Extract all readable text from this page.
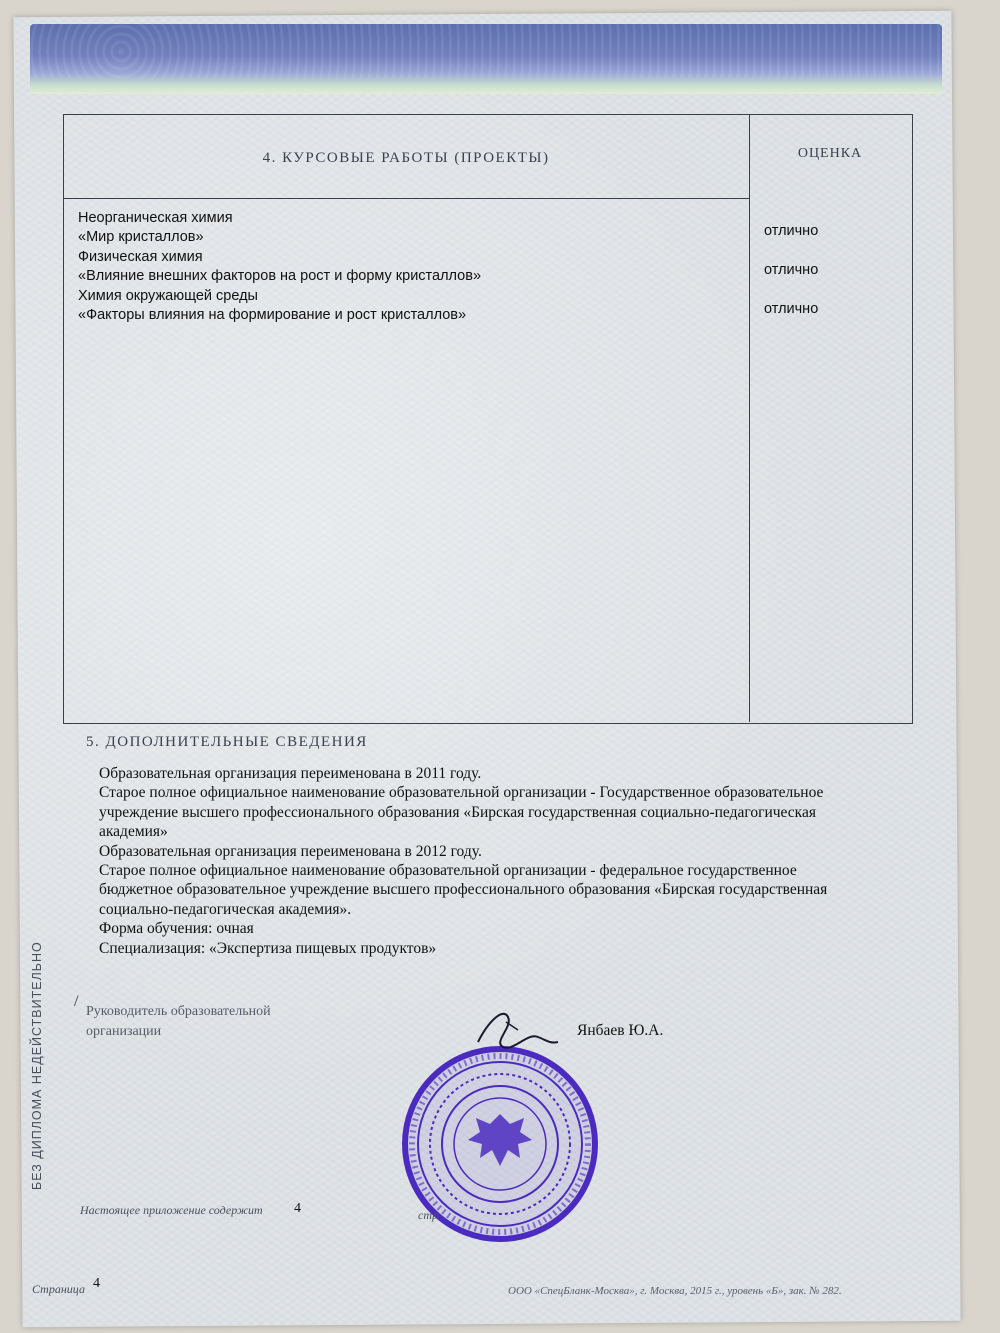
4. КУРСОВЫЕ РАБОТЫ (ПРОЕКТЫ)	ОЦЕНКА
Неорганическая химия
«Мир кристаллов»	отлично
Физическая химия
«Влияние внешних факторов на рост и форму кристаллов»	отлично
Химия окружающей среды
«Факторы влияния на формирование и рост кристаллов»	отлично
5. ДОПОЛНИТЕЛЬНЫЕ СВЕДЕНИЯ
Образовательная организация переименована в 2011 году.
Старое полное официальное наименование образовательной организации - Государственное образовательное
учреждение высшего профессионального образования «Бирская государственная социально-педагогическая
академия»
Образовательная организация переименована в 2012 году.
Старое полное официальное наименование образовательной организации - федеральное государственное
бюджетное образовательное учреждение высшего профессионального образования «Бирская государственная
социально-педагогическая академия».
Форма обучения: очная
Специализация: «Экспертиза пищевых продуктов»
БЕЗ ДИПЛОМА НЕДЕЙСТВИТЕЛЬНО /
Руководитель образовательной
организации	Янбаев Ю.А.
Настоящее приложение содержит 4	стр
Страница 4	ООО «СпецБланк-Москва», г. Москва, 2015 г., уровень «Б», зак. № 282.
